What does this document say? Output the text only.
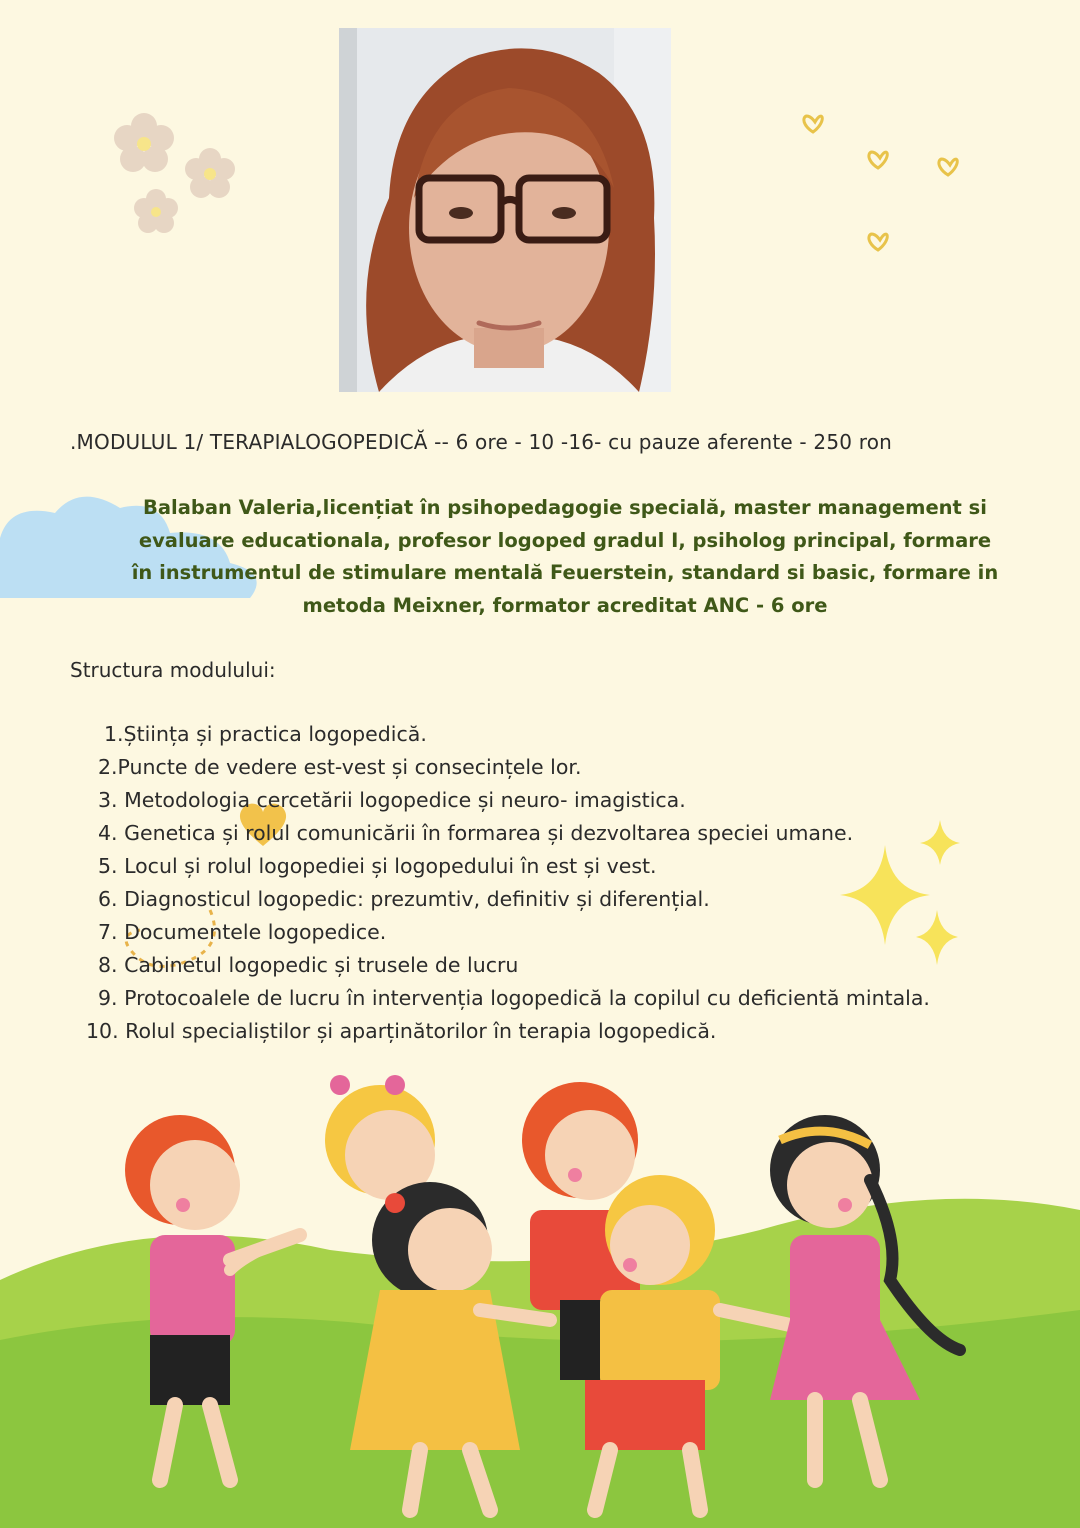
.MODULUL 1/ TERAPIALOGOPEDICĂ -- 6 ore - 10 -16- cu pauze aferente - 250 ron
Balaban Valeria,licențiat în psihopedagogie specială, master management si
evaluare educationala, profesor logoped gradul I, psiholog principal, formare
în instrumentul de stimulare mentală Feuerstein, standard si basic, formare in
metoda Meixner, formator acreditat ANC - 6 ore
Structura modulului:
1.Știința și practica logopedică.
2.Puncte de vedere est-vest și consecințele lor.
3. Metodologia cercetării logopedice și neuro- imagistica.
4. Genetica și rolul comunicării în formarea și dezvoltarea speciei umane.
5. Locul și rolul logopediei și logopedului în est și vest.
6. Diagnosticul logopedic: prezumtiv, definitiv și diferențial.
7. Documentele logopedice.
8. Cabinetul logopedic și trusele de lucru
9. Protocoalele de lucru în intervenția logopedică la copilul cu deficientă mintala.
10. Rolul specialiștilor și aparținătorilor în terapia logopedică.
